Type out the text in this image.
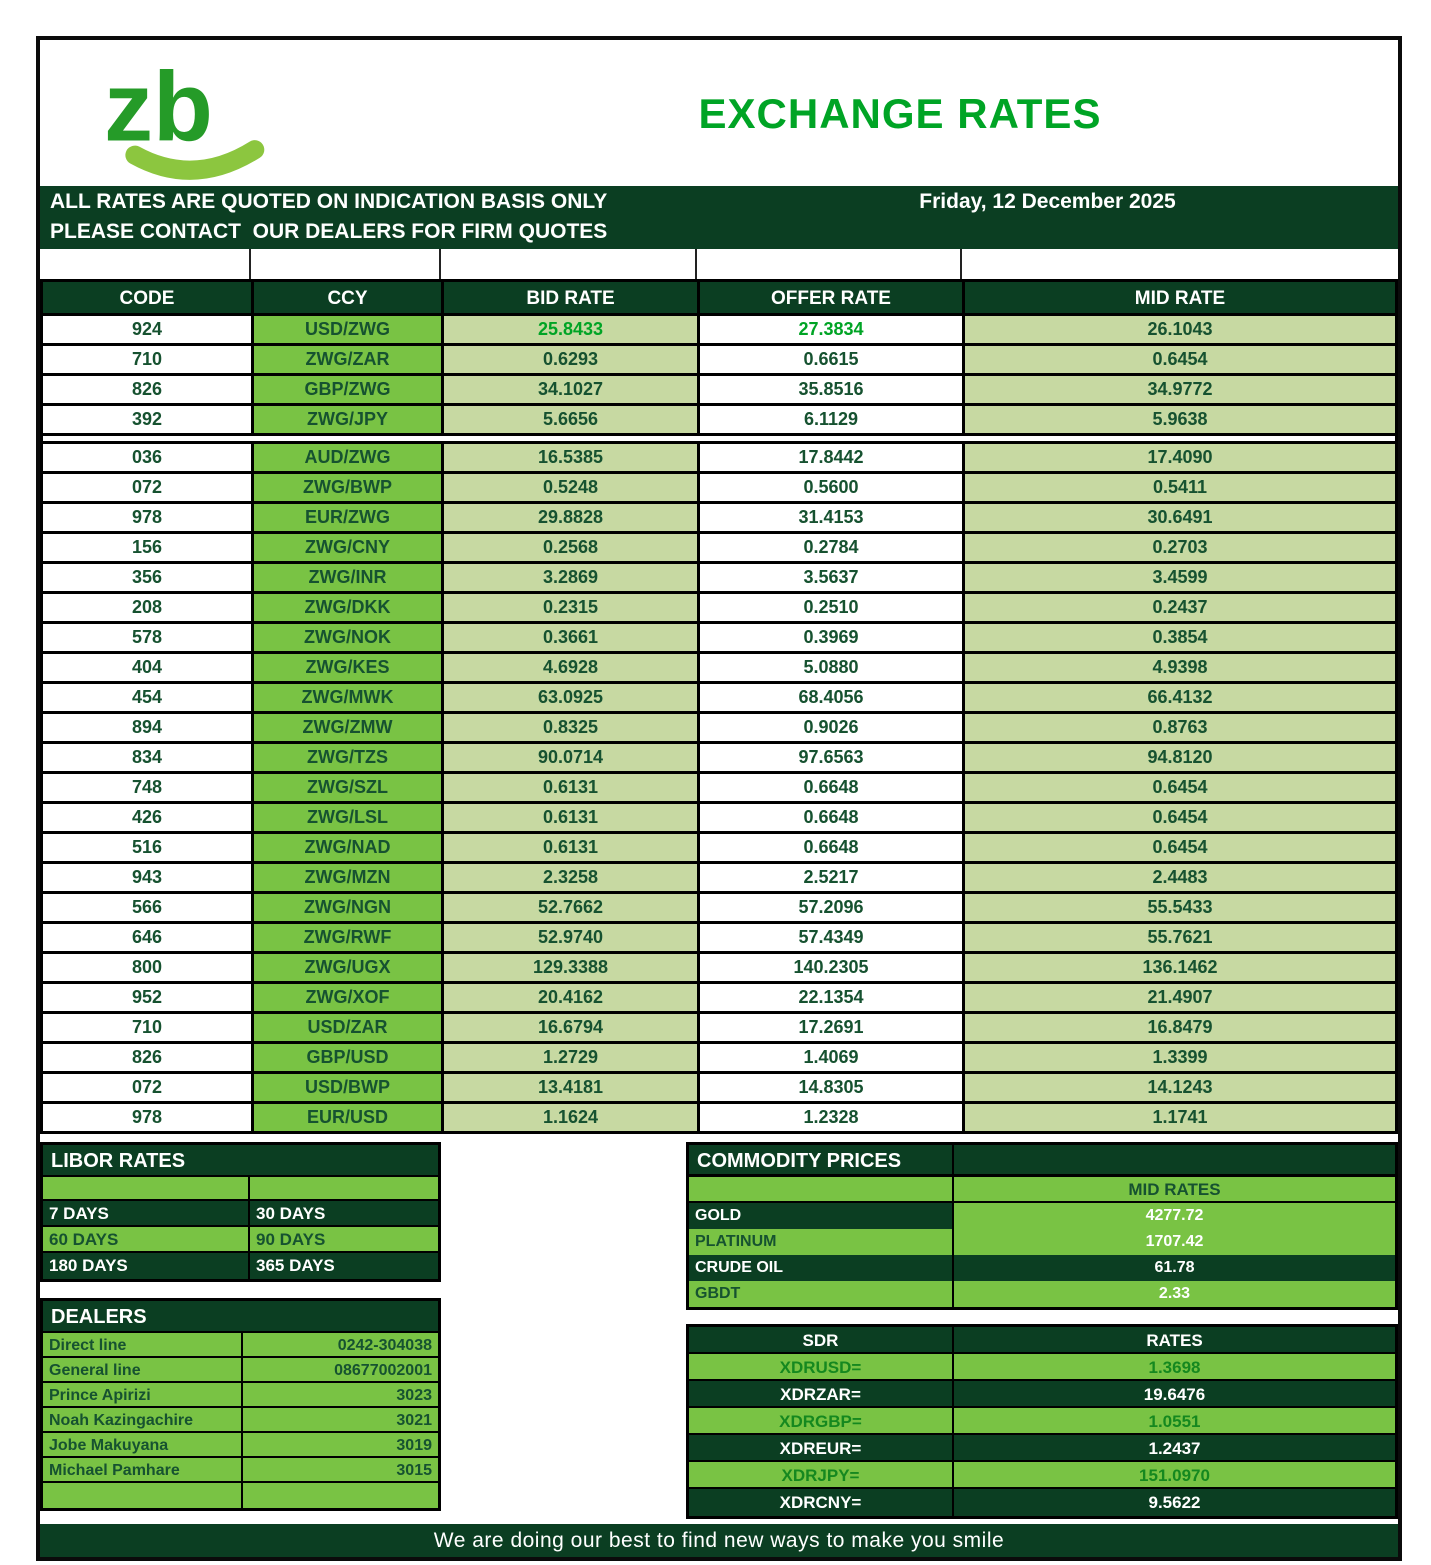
zb	EXCHANGE RATES
ALL RATES ARE QUOTED ON INDICATION BASIS ONLY	Friday, 12 December 2025
PLEASE CONTACT  OUR DEALERS FOR FIRM QUOTES
CODE	CCY	BID RATE	OFFER RATE	MID RATE
924	USD/ZWG	25.8433	27.3834	26.1043
710	ZWG/ZAR	0.6293	0.6615	0.6454
826	GBP/ZWG	34.1027	35.8516	34.9772
392	ZWG/JPY	5.6656	6.1129	5.9638
036	AUD/ZWG	16.5385	17.8442	17.4090
072	ZWG/BWP	0.5248	0.5600	0.5411
978	EUR/ZWG	29.8828	31.4153	30.6491
156	ZWG/CNY	0.2568	0.2784	0.2703
356	ZWG/INR	3.2869	3.5637	3.4599
208	ZWG/DKK	0.2315	0.2510	0.2437
578	ZWG/NOK	0.3661	0.3969	0.3854
404	ZWG/KES	4.6928	5.0880	4.9398
454	ZWG/MWK	63.0925	68.4056	66.4132
894	ZWG/ZMW	0.8325	0.9026	0.8763
834	ZWG/TZS	90.0714	97.6563	94.8120
748	ZWG/SZL	0.6131	0.6648	0.6454
426	ZWG/LSL	0.6131	0.6648	0.6454
516	ZWG/NAD	0.6131	0.6648	0.6454
943	ZWG/MZN	2.3258	2.5217	2.4483
566	ZWG/NGN	52.7662	57.2096	55.5433
646	ZWG/RWF	52.9740	57.4349	55.7621
800	ZWG/UGX	129.3388	140.2305	136.1462
952	ZWG/XOF	20.4162	22.1354	21.4907
710	USD/ZAR	16.6794	17.2691	16.8479
826	GBP/USD	1.2729	1.4069	1.3399
072	USD/BWP	13.4181	14.8305	14.1243
978	EUR/USD	1.1624	1.2328	1.1741
LIBOR RATES
7 DAYS	30 DAYS
60 DAYS	90 DAYS
180 DAYS	365 DAYS
DEALERS
Direct line	0242-304038
General line	08677002001
Prince Apirizi	3023
Noah Kazingachire	3021
Jobe Makuyana	3019
Michael Pamhare	3015
COMMODITY PRICES
MID RATES
GOLD	4277.72
PLATINUM	1707.42
CRUDE OIL	61.78
GBDT	2.33
SDR	RATES
XDRUSD=	1.3698
XDRZAR=	19.6476
XDRGBP=	1.0551
XDREUR=	1.2437
XDRJPY=	151.0970
XDRCNY=	9.5622
We are doing our best to find new ways to make you smile
